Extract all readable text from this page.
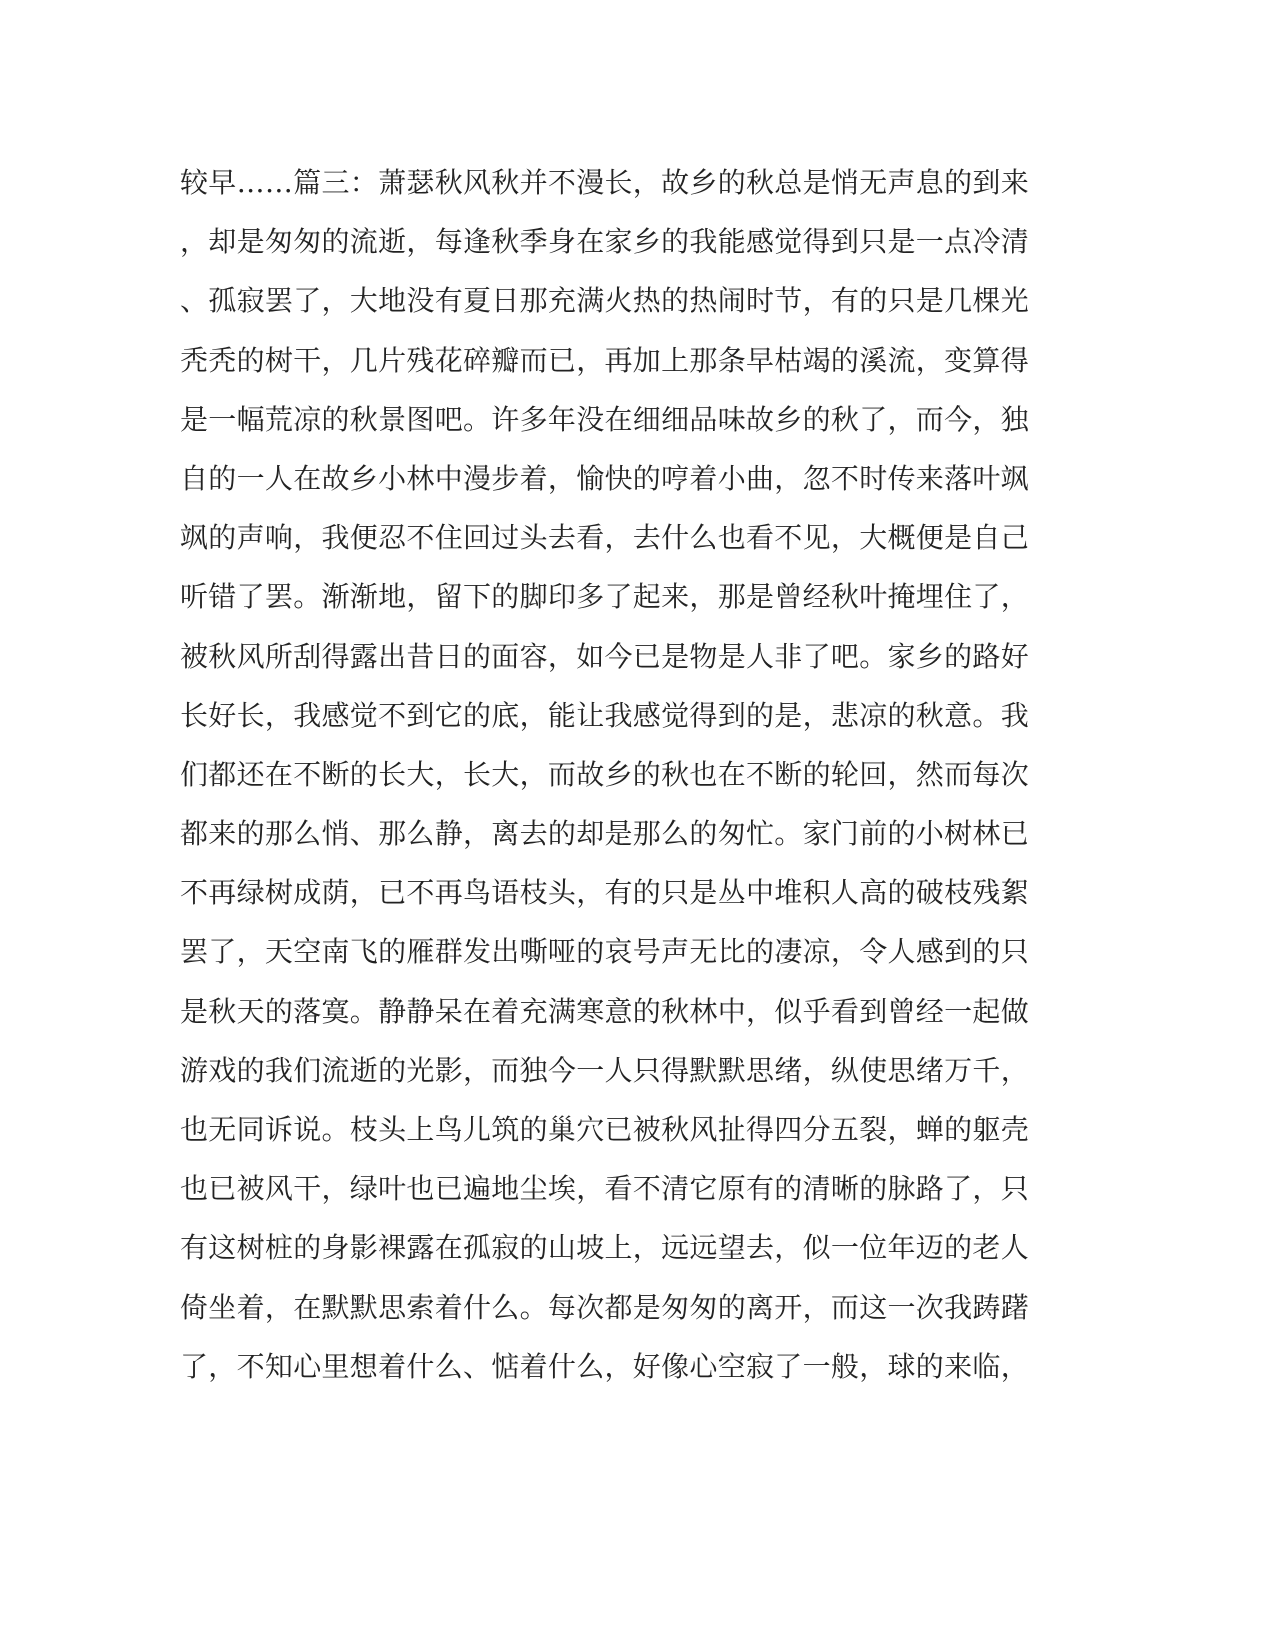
较早……篇三：萧瑟秋风秋并不漫长，故乡的秋总是悄无声息的到来
，却是匆匆的流逝，每逢秋季身在家乡的我能感觉得到只是一点冷清
、孤寂罢了，大地没有夏日那充满火热的热闹时节，有的只是几棵光
秃秃的树干，几片残花碎瓣而已，再加上那条早枯竭的溪流，变算得
是一幅荒凉的秋景图吧。许多年没在细细品味故乡的秋了，而今，独
自的一人在故乡小林中漫步着，愉快的哼着小曲，忽不时传来落叶飒
飒的声响，我便忍不住回过头去看，去什么也看不见，大概便是自己
听错了罢。渐渐地，留下的脚印多了起来，那是曾经秋叶掩埋住了，
被秋风所刮得露出昔日的面容，如今已是物是人非了吧。家乡的路好
长好长，我感觉不到它的底，能让我感觉得到的是，悲凉的秋意。我
们都还在不断的长大，长大，而故乡的秋也在不断的轮回，然而每次
都来的那么悄、那么静，离去的却是那么的匆忙。家门前的小树林已
不再绿树成荫，已不再鸟语枝头，有的只是丛中堆积人高的破枝残絮
罢了，天空南飞的雁群发出嘶哑的哀号声无比的凄凉，令人感到的只
是秋天的落寞。静静呆在着充满寒意的秋林中，似乎看到曾经一起做
游戏的我们流逝的光影，而独今一人只得默默思绪，纵使思绪万千，
也无同诉说。枝头上鸟儿筑的巢穴已被秋风扯得四分五裂，蝉的躯壳
也已被风干，绿叶也已遍地尘埃，看不清它原有的清晰的脉路了，只
有这树桩的身影裸露在孤寂的山坡上，远远望去，似一位年迈的老人
倚坐着，在默默思索着什么。每次都是匆匆的离开，而这一次我踌躇
了，不知心里想着什么、惦着什么，好像心空寂了一般，球的来临，
